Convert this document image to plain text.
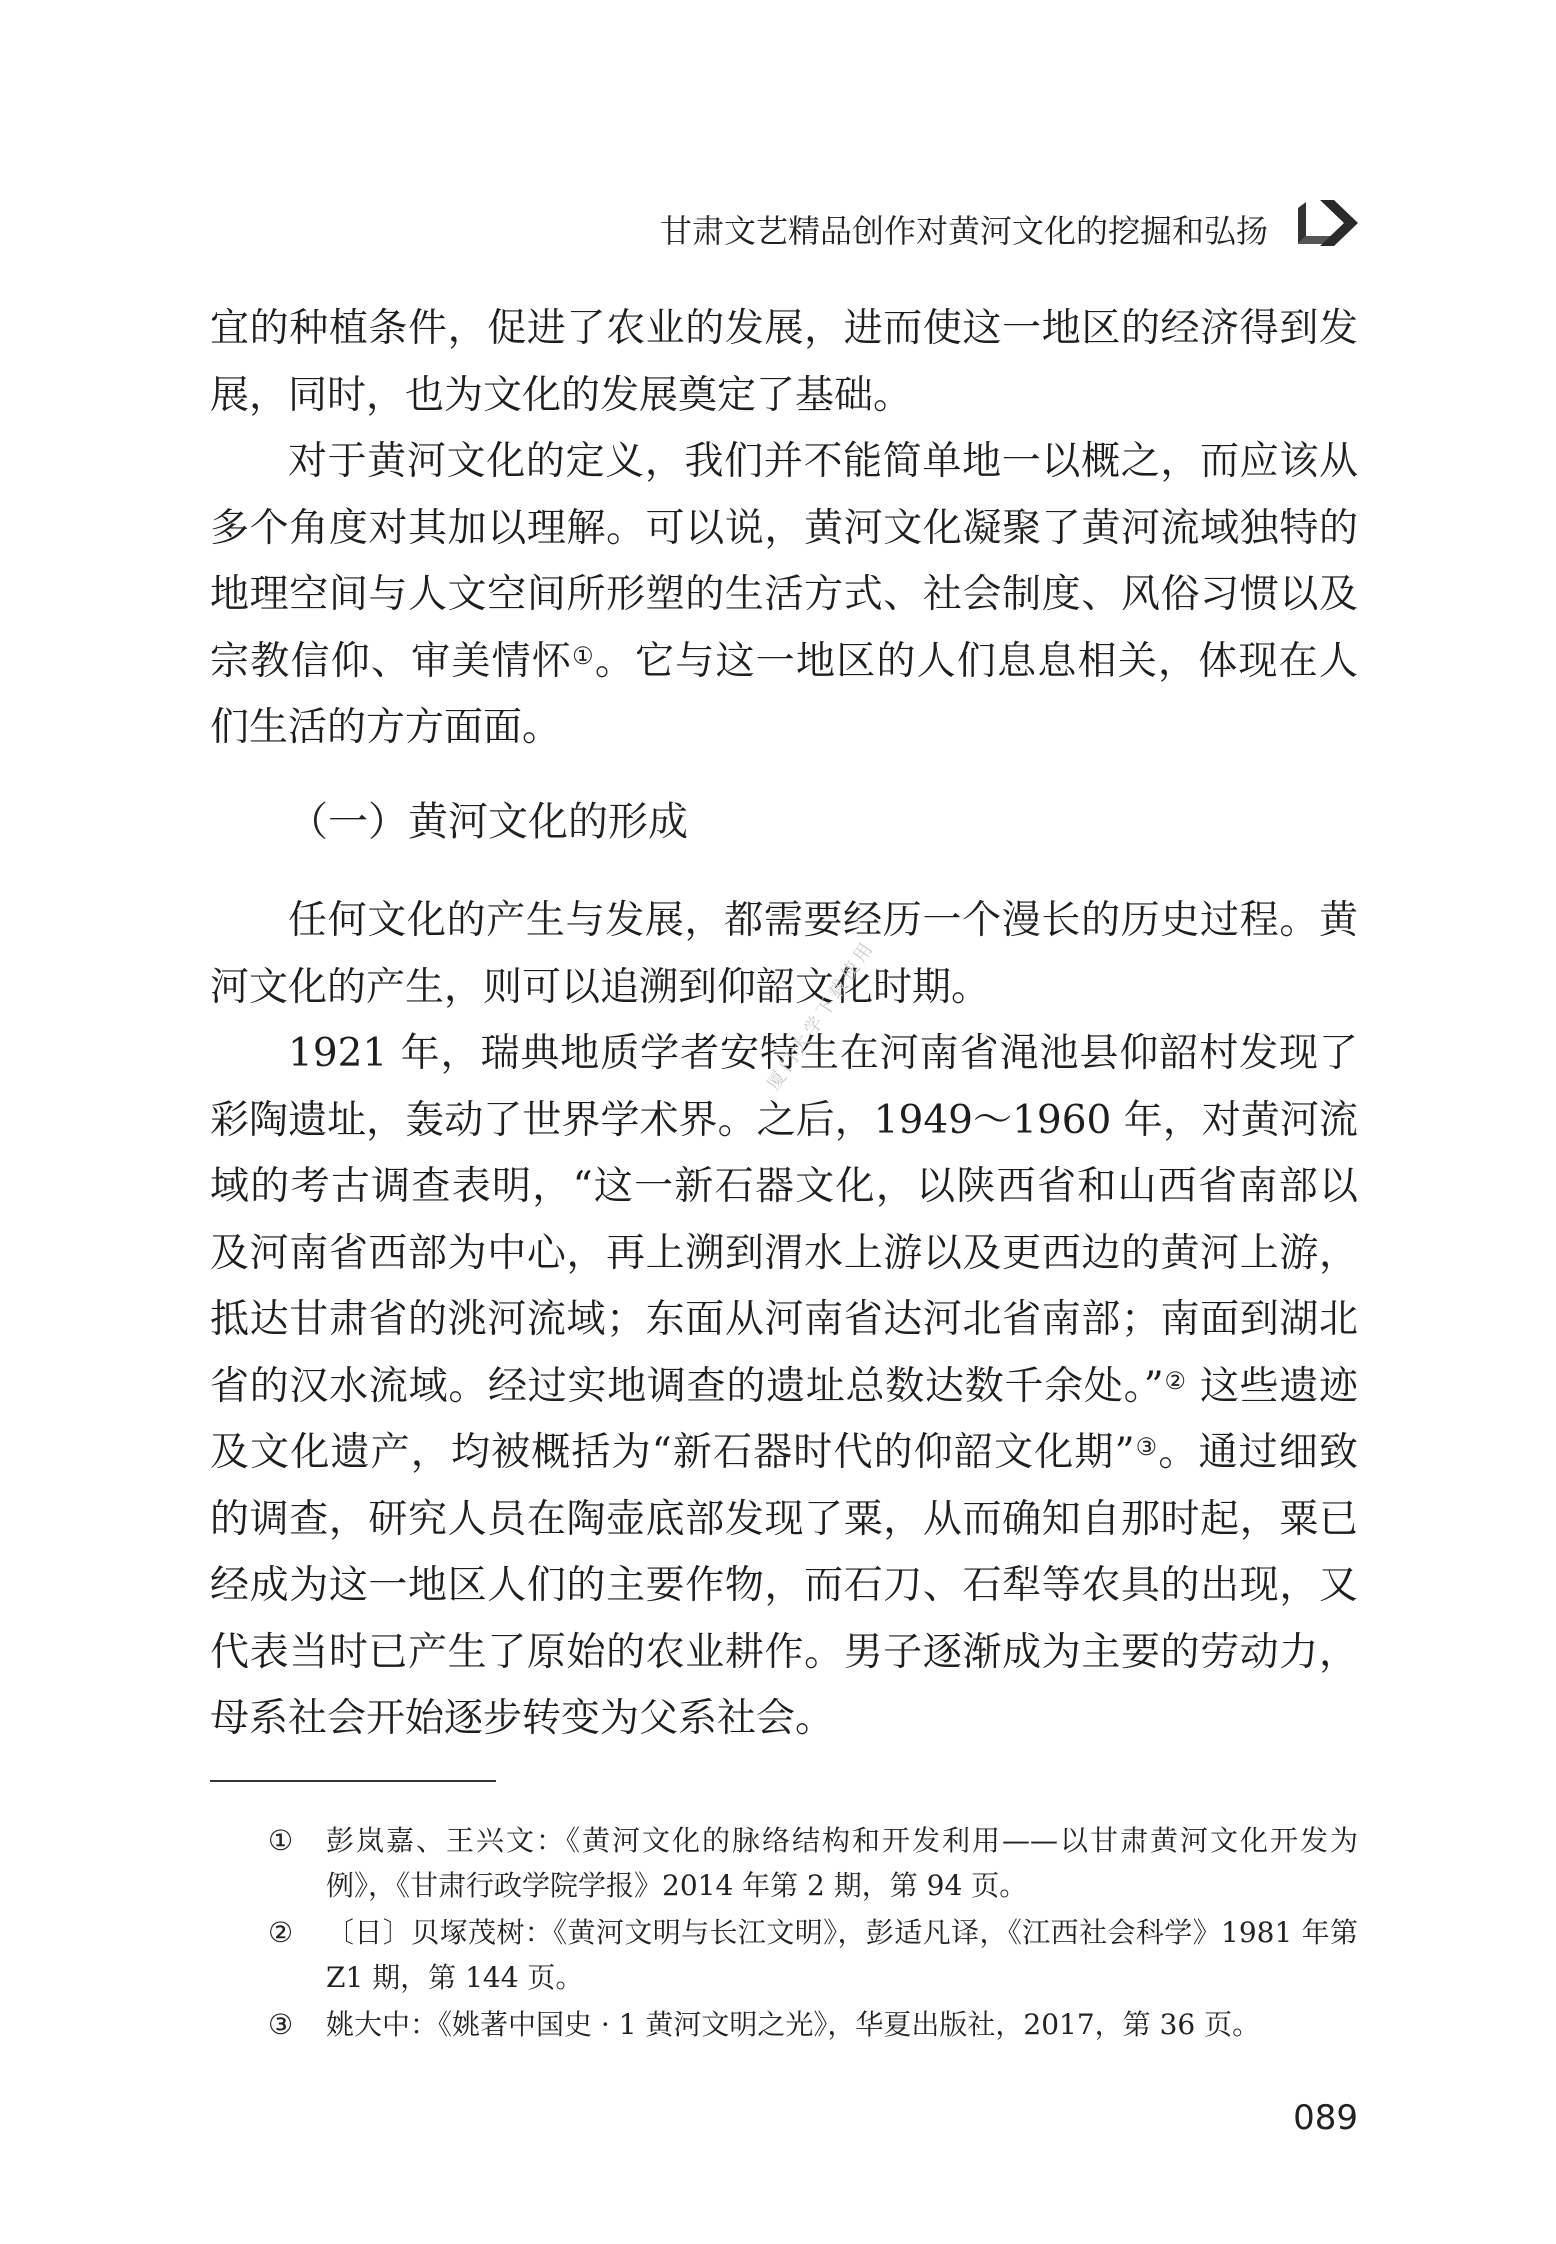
甘肃文艺精品创作对黄河文化的挖掘和弘扬

宜的种植条件，促进了农业的发展，进而使这一地区的经济得到发展，同时，也为文化的发展奠定了基础。

对于黄河文化的定义，我们并不能简单地一以概之，而应该从多个角度对其加以理解。可以说，黄河文化凝聚了黄河流域独特的地理空间与人文空间所形塑的生活方式、社会制度、风俗习惯以及宗教信仰、审美情怀①。它与这一地区的人们息息相关，体现在人们生活的方方面面。

（一）黄河文化的形成

任何文化的产生与发展，都需要经历一个漫长的历史过程。黄河文化的产生，则可以追溯到仰韶文化时期。

1921 年，瑞典地质学者安特生在河南省渑池县仰韶村发现了彩陶遗址，轰动了世界学术界。之后，1949～1960 年，对黄河流域的考古调查表明，“这一新石器文化，以陕西省和山西省南部以及河南省西部为中心，再上溯到渭水上游以及更西边的黄河上游，抵达甘肃省的洮河流域；东面从河南省达河北省南部；南面到湖北省的汉水流域。经过实地调查的遗址总数达数千余处。”② 这些遗迹及文化遗产，均被概括为“新石器时代的仰韶文化期”③。通过细致的调查，研究人员在陶壶底部发现了粟，从而确知自那时起，粟已经成为这一地区人们的主要作物，而石刀、石犁等农具的出现，又代表当时已产生了原始的农业耕作。男子逐渐成为主要的劳动力，母系社会开始逐步转变为父系社会。

① 彭岚嘉、王兴文：《黄河文化的脉络结构和开发利用——以甘肃黄河文化开发为例》，《甘肃行政学院学报》2014 年第 2 期，第 94 页。
② 〔日〕贝塚茂树：《黄河文明与长江文明》，彭适凡译，《江西社会科学》1981 年第 Z1 期，第 144 页。
③ 姚大中：《姚著中国史 · 1 黄河文明之光》，华夏出版社，2017，第 36 页。
厦门大学下载使用
089
